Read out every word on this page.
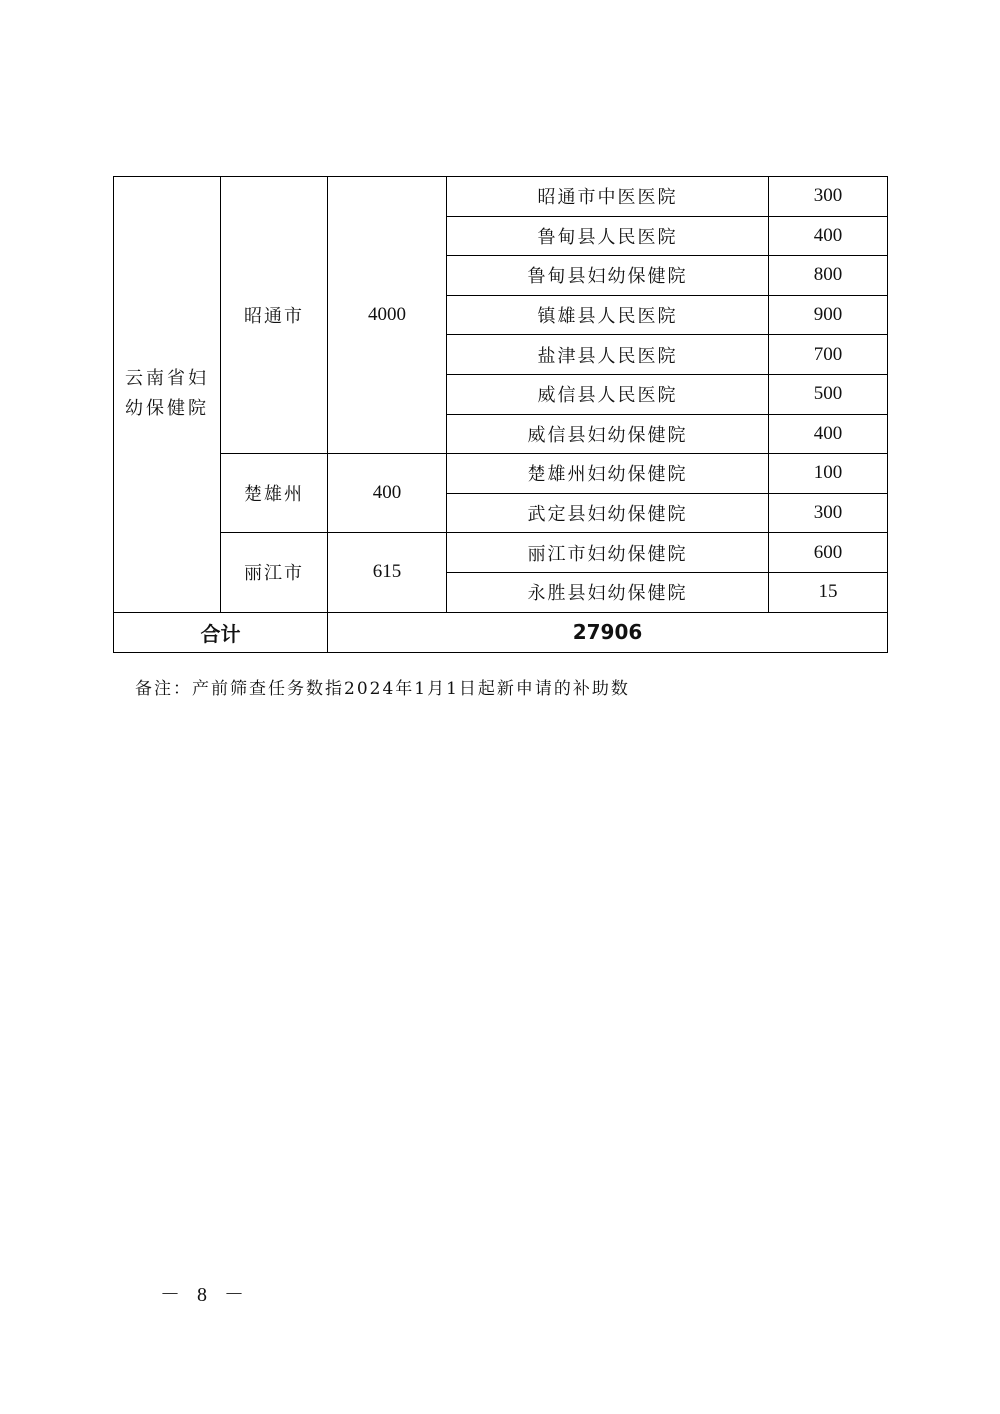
云南省妇幼保健院	昭通市	4000	昭通市中医医院	300
			鲁甸县人民医院	400
			鲁甸县妇幼保健院	800
			镇雄县人民医院	900
			盐津县人民医院	700
			威信县人民医院	500
			威信县妇幼保健院	400
	楚雄州	400	楚雄州妇幼保健院	100
			武定县妇幼保健院	300
	丽江市	615	丽江市妇幼保健院	600
			永胜县妇幼保健院	15
合计		27906		
备注：产前筛查任务数指2024年1月1日起新申请的补助数
－ 8 －
